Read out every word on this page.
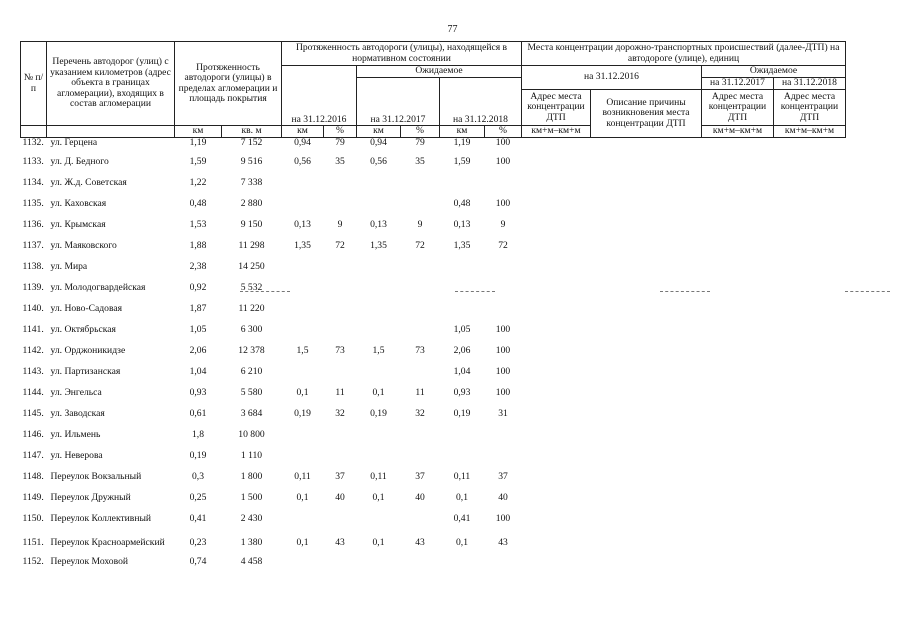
77
№ п/п	Перечень автодорог (улиц) с указанием километров (адрес объекта в границах агломерации), входящих в состав агломерации	Протяженность автодороги (улицы) в пределах агломерации и площадь покрытия		Протяженность автодороги (улицы), находящейся в нормативном состоянии						Места концентрации дорожно-транспортных происшествий (далее-ДТП) на автодороге (улице), единиц			
				на 31.12.2016		Ожидаемое				на 31.12.2016		Ожидаемое	
						на 31.12.2017		на 31.12.2018				на 31.12.2017	на 31.12.2018
										Адрес места концентрации ДТП	Описание причины возникновения места концентрации ДТП	Адрес места концентрации ДТП	Адрес места концентрации ДТП
		км	кв. м	км	%	км	%	км	%	км+м–км+м		км+м–км+м	км+м–км+м
1132.	ул. Герцена	1,19	7 152	0,94	79	0,94	79	1,19	100				
1133.	ул. Д. Бедного	1,59	9 516	0,56	35	0,56	35	1,59	100				
1134.	ул. Ж.д. Советская	1,22	7 338										
1135.	ул. Каховская	0,48	2 880					0,48	100				
1136.	ул. Крымская	1,53	9 150	0,13	9	0,13	9	0,13	9				
1137.	ул. Маяковского	1,88	11 298	1,35	72	1,35	72	1,35	72				
1138.	ул. Мира	2,38	14 250										
1139.	ул. Молодогвардейская	0,92	5 532										
1140.	ул. Ново-Садовая	1,87	11 220										
1141.	ул. Октябрьская	1,05	6 300					1,05	100				
1142.	ул. Орджоникидзе	2,06	12 378	1,5	73	1,5	73	2,06	100				
1143.	ул. Партизанская	1,04	6 210					1,04	100				
1144.	ул. Энгельса	0,93	5 580	0,1	11	0,1	11	0,93	100				
1145.	ул. Заводская	0,61	3 684	0,19	32	0,19	32	0,19	31				
1146.	ул. Ильмень	1,8	10 800										
1147.	ул. Неверова	0,19	1 110										
1148.	Переулок Вокзальный	0,3	1 800	0,11	37	0,11	37	0,11	37				
1149.	Переулок Дружный	0,25	1 500	0,1	40	0,1	40	0,1	40				
1150.	Переулок Коллективный	0,41	2 430					0,41	100				
1151.	Переулок Красноармейский	0,23	1 380	0,1	43	0,1	43	0,1	43				
1152.	Переулок Моховой	0,74	4 458										
